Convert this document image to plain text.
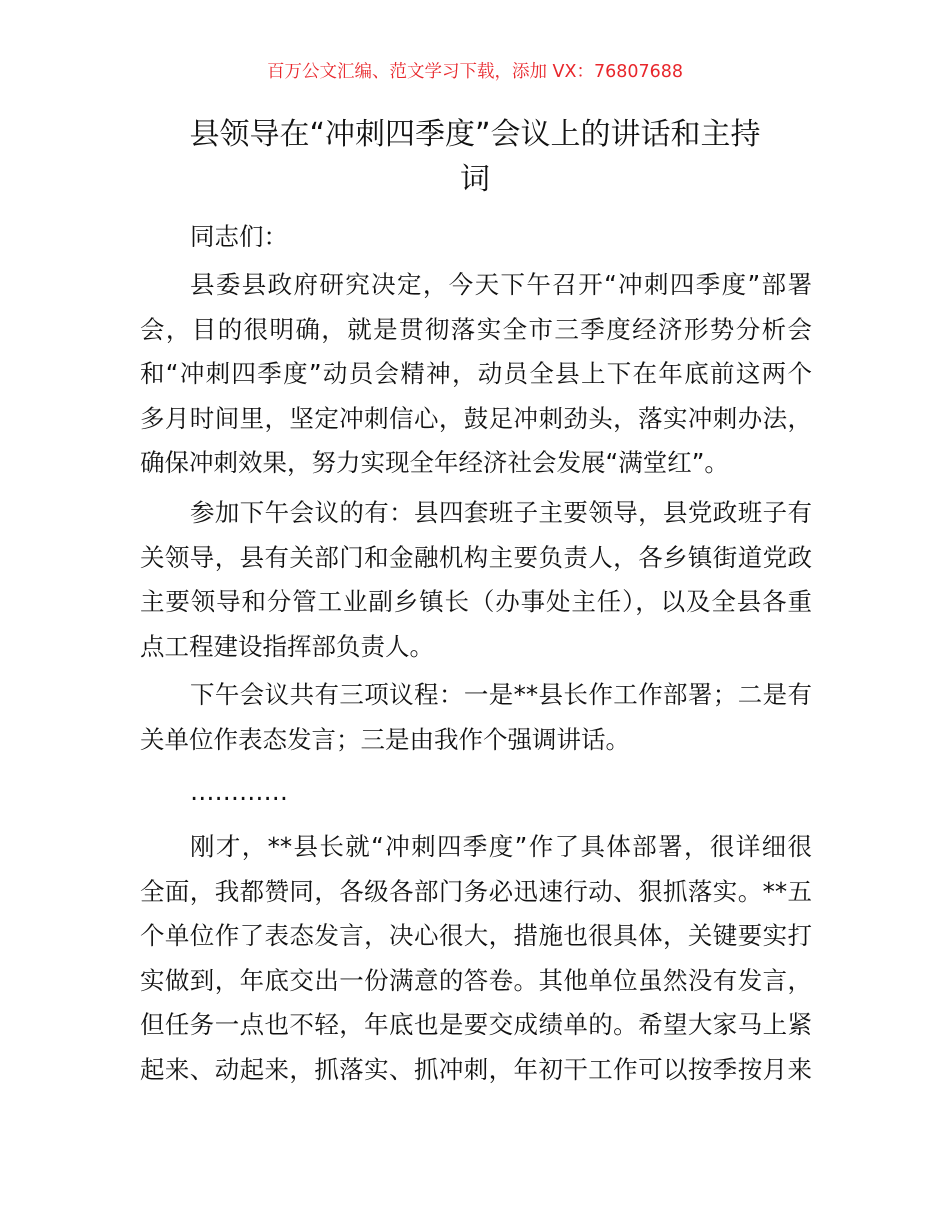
百万公文汇编、范文学习下载，添加 VX：76807688
县领导在“冲刺四季度”会议上的讲话和主持
词
同志们：
县委县政府研究决定，今天下午召开“冲刺四季度”部署
会，目的很明确，就是贯彻落实全市三季度经济形势分析会
和“冲刺四季度”动员会精神，动员全县上下在年底前这两个
多月时间里，坚定冲刺信心，鼓足冲刺劲头，落实冲刺办法，
确保冲刺效果，努力实现全年经济社会发展“满堂红”。
参加下午会议的有：县四套班子主要领导，县党政班子有
关领导，县有关部门和金融机构主要负责人，各乡镇街道党政
主要领导和分管工业副乡镇长（办事处主任），以及全县各重
点工程建设指挥部负责人。
下午会议共有三项议程：一是**县长作工作部署；二是有
关单位作表态发言；三是由我作个强调讲话。
…………
刚才，**县长就“冲刺四季度”作了具体部署，很详细很
全面，我都赞同，各级各部门务必迅速行动、狠抓落实。**五
个单位作了表态发言，决心很大，措施也很具体，关键要实打
实做到，年底交出一份满意的答卷。其他单位虽然没有发言，
但任务一点也不轻，年底也是要交成绩单的。希望大家马上紧
起来、动起来，抓落实、抓冲刺，年初干工作可以按季按月来
